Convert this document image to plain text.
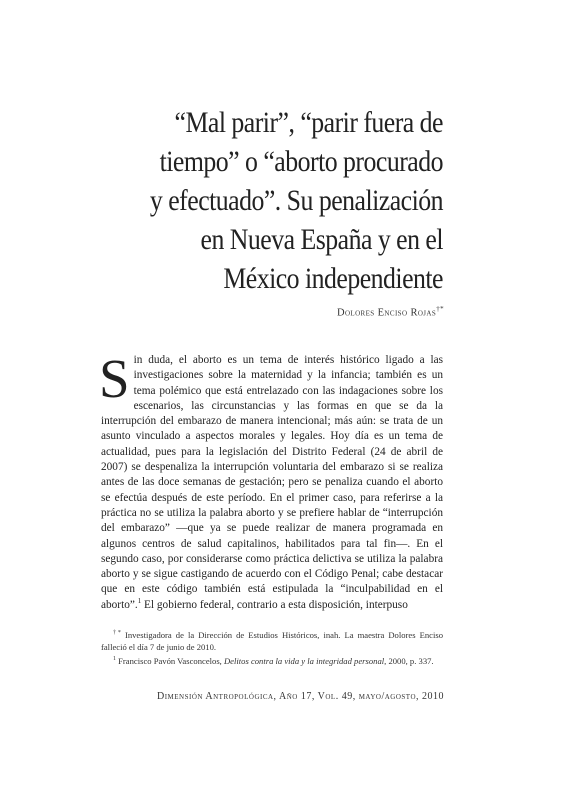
“Mal parir”, “parir fuera de
tiempo” o “aborto procurado
y efectuado”. Su penalización
en Nueva España y en el
México independiente
Dolores Enciso Rojas†*

Sin duda, el aborto es un tema de interés histórico ligado a las investigaciones sobre la maternidad y la infancia; también es un tema polémico que está entrelazado con las indagaciones sobre los escenarios, las circunstancias y las formas en que se da la interrupción del embarazo de manera intencional; más aún: se trata de un asunto vinculado a aspectos morales y legales. Hoy día es un tema de actualidad, pues para la legislación del Distrito Federal (24 de abril de 2007) se despenaliza la interrupción voluntaria del embarazo si se realiza antes de las doce semanas de gestación; pero se penaliza cuando el aborto se efectúa después de este período. En el primer caso, para referirse a la práctica no se utiliza la palabra aborto y se prefiere hablar de “interrupción del embarazo” —que ya se puede realizar de manera programada en algunos centros de salud capitalinos, habilitados para tal fin—. En el segundo caso, por considerarse como práctica delictiva se utiliza la palabra aborto y se sigue castigando de acuerdo con el Código Penal; cabe destacar que en este código también está estipulada la “inculpabilidad en el aborto”.$^1$ El gobierno federal, contrario a esta disposición, interpuso

†* Investigadora de la Dirección de Estudios Históricos, inah. La maestra Dolores Enciso falleció el día 7 de junio de 2010.

$^1$ Francisco Pavón Vasconcelos, Delitos contra la vida y la integridad personal, 2000, p. 337.

Dimensión Antropológica, Año 17, Vol. 49, mayo/agosto, 2010
